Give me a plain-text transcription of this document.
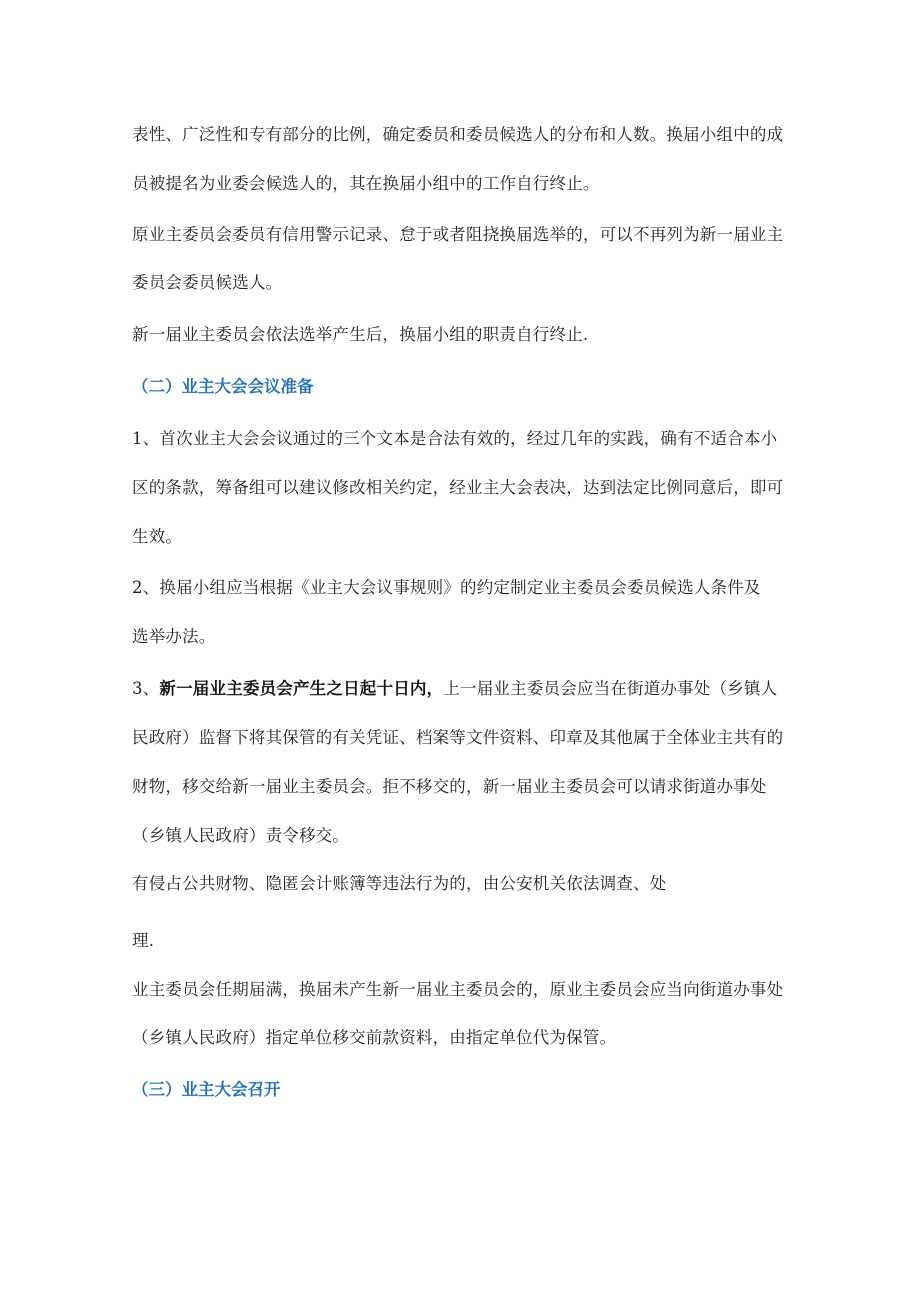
表性、广泛性和专有部分的比例，确定委员和委员候选人的分布和人数。换届小组中的成
员被提名为业委会候选人的，其在换届小组中的工作自行终止。
原业主委员会委员有信用警示记录、怠于或者阻挠换届选举的，可以不再列为新一届业主
委员会委员候选人。
新一届业主委员会依法选举产生后，换届小组的职责自行终止.
（二）业主大会会议准备
1、首次业主大会会议通过的三个文本是合法有效的，经过几年的实践，确有不适合本小
区的条款，筹备组可以建议修改相关约定，经业主大会表决，达到法定比例同意后，即可
生效。
2、换届小组应当根据《业主大会议事规则》的约定制定业主委员会委员候选人条件及
选举办法。
3、新一届业主委员会产生之日起十日内，上一届业主委员会应当在街道办事处（乡镇人
民政府）监督下将其保管的有关凭证、档案等文件资料、印章及其他属于全体业主共有的
财物，移交给新一届业主委员会。拒不移交的，新一届业主委员会可以请求街道办事处
（乡镇人民政府）责令移交。
有侵占公共财物、隐匿会计账簿等违法行为的，由公安机关依法调查、处
理.
业主委员会任期届满，换届未产生新一届业主委员会的，原业主委员会应当向街道办事处
（乡镇人民政府）指定单位移交前款资料，由指定单位代为保管。
（三）业主大会召开
